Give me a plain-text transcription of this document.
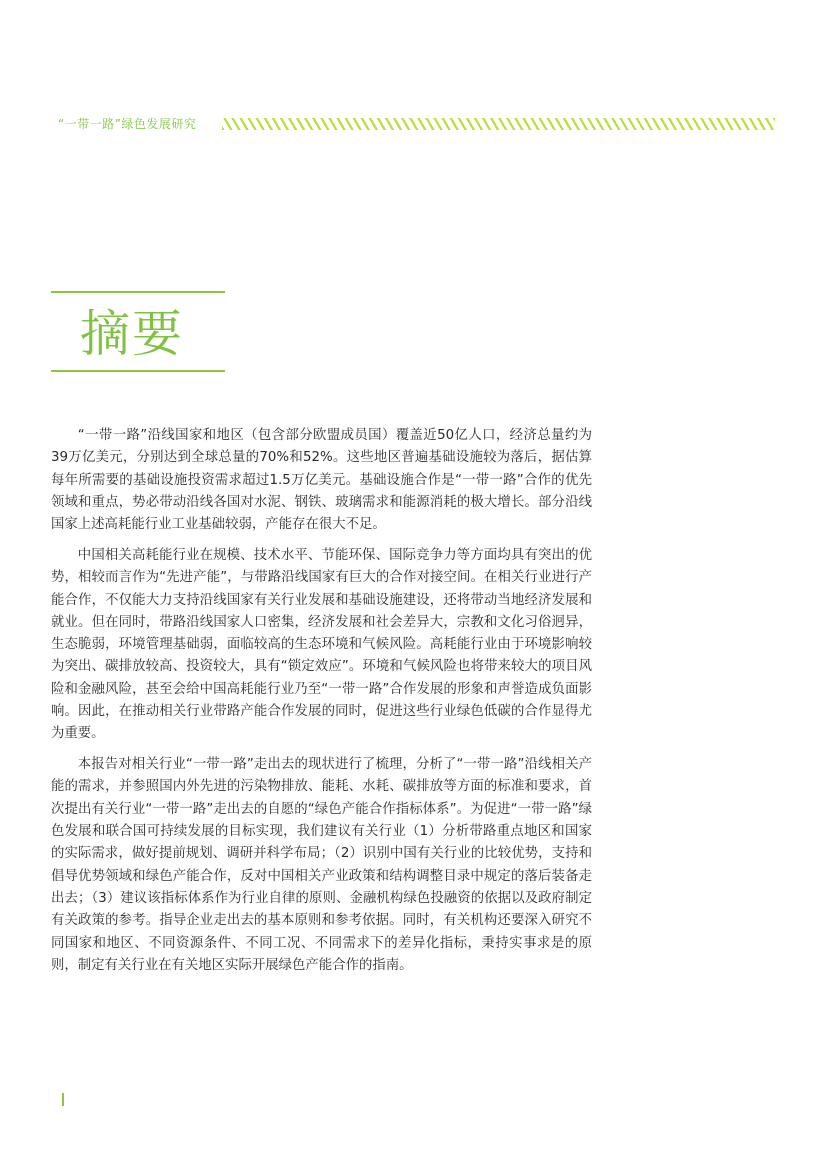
“一带一路”绿色发展研究
摘要

“一带一路”沿线国家和地区（包含部分欧盟成员国）覆盖近50亿人口，经济总量约为39万亿美元，分别达到全球总量的70%和52%。这些地区普遍基础设施较为落后，据估算每年所需要的基础设施投资需求超过1.5万亿美元。基础设施合作是“一带一路”合作的优先领域和重点，势必带动沿线各国对水泥、钢铁、玻璃需求和能源消耗的极大增长。部分沿线国家上述高耗能行业工业基础较弱，产能存在很大不足。

中国相关高耗能行业在规模、技术水平、节能环保、国际竞争力等方面均具有突出的优势，相较而言作为“先进产能”，与带路沿线国家有巨大的合作对接空间。在相关行业进行产能合作，不仅能大力支持沿线国家有关行业发展和基础设施建设，还将带动当地经济发展和就业。但在同时，带路沿线国家人口密集，经济发展和社会差异大，宗教和文化习俗迥异，生态脆弱，环境管理基础弱，面临较高的生态环境和气候风险。高耗能行业由于环境影响较为突出、碳排放较高、投资较大，具有“锁定效应”。环境和气候风险也将带来较大的项目风险和金融风险，甚至会给中国高耗能行业乃至“一带一路”合作发展的形象和声誉造成负面影响。因此，在推动相关行业带路产能合作发展的同时，促进这些行业绿色低碳的合作显得尤为重要。

本报告对相关行业“一带一路”走出去的现状进行了梳理，分析了“一带一路”沿线相关产能的需求，并参照国内外先进的污染物排放、能耗、水耗、碳排放等方面的标准和要求，首次提出有关行业“一带一路”走出去的自愿的“绿色产能合作指标体系”。为促进“一带一路”绿色发展和联合国可持续发展的目标实现，我们建议有关行业（1）分析带路重点地区和国家的实际需求，做好提前规划、调研并科学布局；（2）识别中国有关行业的比较优势，支持和倡导优势领域和绿色产能合作，反对中国相关产业政策和结构调整目录中规定的落后装备走出去；（3）建议该指标体系作为行业自律的原则、金融机构绿色投融资的依据以及政府制定有关政策的参考。指导企业走出去的基本原则和参考依据。同时，有关机构还要深入研究不同国家和地区、不同资源条件、不同工况、不同需求下的差异化指标，秉持实事求是的原则，制定有关行业在有关地区实际开展绿色产能合作的指南。
